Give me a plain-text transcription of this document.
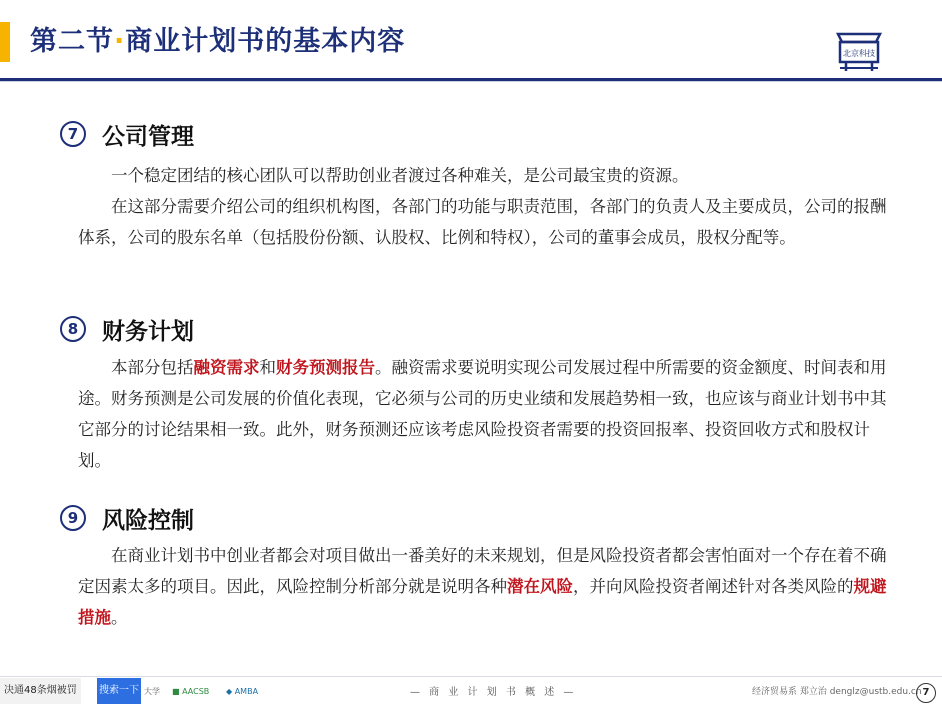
第二节·商业计划书的基本内容	北京科技
7	公司管理

一个稳定团结的核心团队可以帮助创业者渡过各种难关，是公司最宝贵的资源。

在这部分需要介绍公司的组织机构图，各部门的功能与职责范围，各部门的负责人及主要成员，公司的报酬体系，公司的股东名单（包括股份份额、认股权、比例和特权），公司的董事会成员，股权分配等。

8	财务计划

本部分包括融资需求和财务预测报告。融资需求要说明实现公司发展过程中所需要的资金额度、时间表和用途。财务预测是公司发展的价值化表现，它必须与公司的历史业绩和发展趋势相一致，也应该与商业计划书中其它部分的讨论结果相一致。此外，财务预测还应该考虑风险投资者需要的投资回报率、投资回收方式和股权计划。

9	风险控制

在商业计划书中创业者都会对项目做出一番美好的未来规划，但是风险投资者都会害怕面对一个存在着不确定因素太多的项目。因此，风险控制分析部分就是说明各种潜在风险，并向风险投资者阐述针对各类风险的规避措施。

决通48条烟被罚	搜索一下 大学 ■ AACSB ◆ AMBA	— 商 业 计 划 书 概 述 —	经济贸易系 郑立治 denglz@ustb.edu.cn 7
